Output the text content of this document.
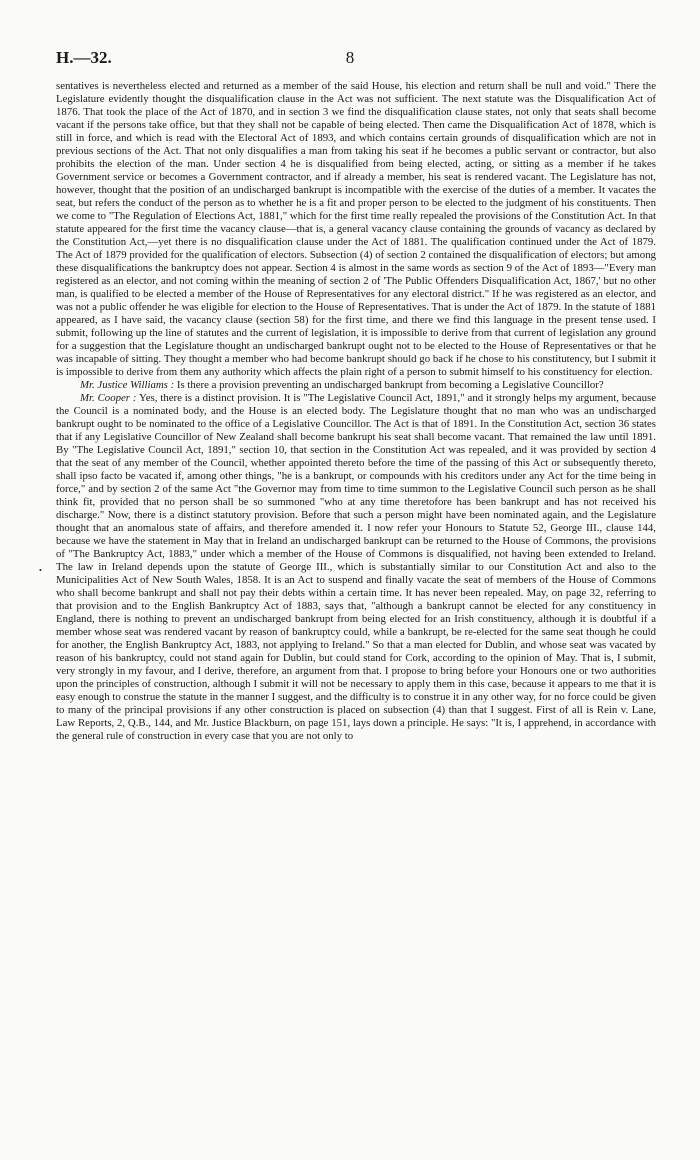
H.—32.	8
•

sentatives is nevertheless elected and returned as a member of the said House, his election and return shall be null and void." There the Legislature evidently thought the disqualification clause in the Act was not sufficient. The next statute was the Disqualification Act of 1876. That took the place of the Act of 1870, and in section 3 we find the disqualification clause states, not only that seats shall become vacant if the persons take office, but that they shall not be capable of being elected. Then came the Disqualification Act of 1878, which is still in force, and which is read with the Electoral Act of 1893, and which contains certain grounds of disqualification which are not in previous sections of the Act. That not only disqualifies a man from taking his seat if he becomes a public servant or contractor, but also prohibits the election of the man. Under section 4 he is disqualified from being elected, acting, or sitting as a member if he takes Government service or becomes a Government contractor, and if already a member, his seat is rendered vacant. The Legislature has not, however, thought that the position of an undischarged bankrupt is incompatible with the exercise of the duties of a member. It vacates the seat, but refers the conduct of the person as to whether he is a fit and proper person to be elected to the judgment of his constituents. Then we come to "The Regulation of Elections Act, 1881," which for the first time really repealed the provisions of the Constitution Act. In that statute appeared for the first time the vacancy clause—that is, a general vacancy clause containing the grounds of vacancy as declared by the Constitution Act,—yet there is no disqualification clause under the Act of 1881. The qualification continued under the Act of 1879. The Act of 1879 provided for the qualification of electors. Subsection (4) of section 2 contained the disqualification of electors; but among these disqualifications the bankruptcy does not appear. Section 4 is almost in the same words as section 9 of the Act of 1893—"Every man registered as an elector, and not coming within the meaning of section 2 of 'The Public Offenders Disqualification Act, 1867,' but no other man, is qualified to be elected a member of the House of Representatives for any electoral district." If he was registered as an elector, and was not a public offender he was eligible for election to the House of Representatives. That is under the Act of 1879. In the statute of 1881 appeared, as I have said, the vacancy clause (section 58) for the first time, and there we find this language in the present tense used. I submit, following up the line of statutes and the current of legislation, it is impossible to derive from that current of legislation any ground for a suggestion that the Legislature thought an undischarged bankrupt ought not to be elected to the House of Representatives or that he was incapable of sitting. They thought a member who had become bankrupt should go back if he chose to his constitutency, but I submit it is impossible to derive from them any authority which affects the plain right of a person to submit himself to his constituency for election.

Mr. Justice Williams : Is there a provision preventing an undischarged bankrupt from becoming a Legislative Councillor?

Mr. Cooper : Yes, there is a distinct provision. It is "The Legislative Council Act, 1891," and it strongly helps my argument, because the Council is a nominated body, and the House is an elected body. The Legislature thought that no man who was an undischarged bankrupt ought to be nominated to the office of a Legislative Councillor. The Act is that of 1891. In the Constitution Act, section 36 states that if any Legislative Councillor of New Zealand shall become bankrupt his seat shall become vacant. That remained the law until 1891. By "The Legislative Council Act, 1891," section 10, that section in the Constitution Act was repealed, and it was provided by section 4 that the seat of any member of the Council, whether appointed thereto before the time of the passing of this Act or subsequently thereto, shall ipso facto be vacated if, among other things, "he is a bankrupt, or compounds with his creditors under any Act for the time being in force," and by section 2 of the same Act "the Governor may from time to time summon to the Legislative Council such person as he shall think fit, provided that no person shall be so summoned "who at any time theretofore has been bankrupt and has not received his discharge." Now, there is a distinct statutory provision. Before that such a person might have been nominated again, and the Legislature thought that an anomalous state of affairs, and therefore amended it. I now refer your Honours to Statute 52, George III., clause 144, because we have the statement in May that in Ireland an undischarged bankrupt can be returned to the House of Commons, the provisions of "The Bankruptcy Act, 1883," under which a member of the House of Commons is disqualified, not having been extended to Ireland. The law in Ireland depends upon the statute of George III., which is substantially similar to our Constitution Act and also to the Municipalities Act of New South Wales, 1858. It is an Act to suspend and finally vacate the seat of members of the House of Commons who shall become bankrupt and shall not pay their debts within a certain time. It has never been repealed. May, on page 32, referring to that provision and to the English Bankruptcy Act of 1883, says that, "although a bankrupt cannot be elected for any constituency in England, there is nothing to prevent an undischarged bankrupt from being elected for an Irish constituency, although it is doubtful if a member whose seat was rendered vacant by reason of bankruptcy could, while a bankrupt, be re-elected for the same seat though he could for another, the English Bankruptcy Act, 1883, not applying to Ireland." So that a man elected for Dublin, and whose seat was vacated by reason of his bankruptcy, could not stand again for Dublin, but could stand for Cork, according to the opinion of May. That is, I submit, very strongly in my favour, and I derive, therefore, an argument from that. I propose to bring before your Honours one or two authorities upon the principles of construction, although I submit it will not be necessary to apply them in this case, because it appears to me that it is easy enough to construe the statute in the manner I suggest, and the difficulty is to construe it in any other way, for no force could be given to many of the principal provisions if any other construction is placed on subsection (4) than that I suggest. First of all is Rein v. Lane, Law Reports, 2, Q.B., 144, and Mr. Justice Blackburn, on page 151, lays down a principle. He says: "It is, I apprehend, in accordance with the general rule of construction in every case that you are not only to
